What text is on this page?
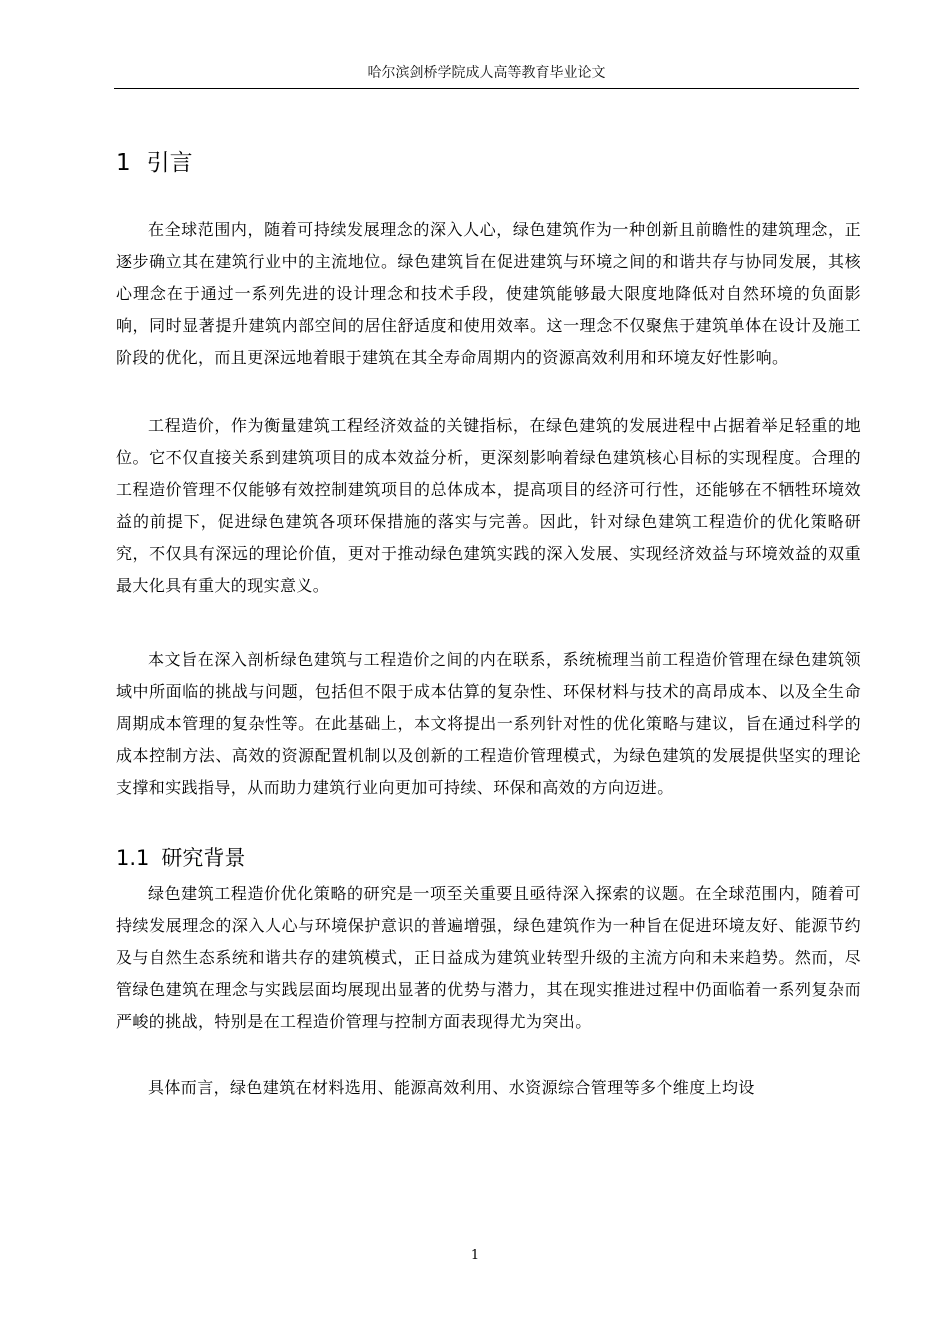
哈尔滨剑桥学院成人高等教育毕业论文
1 引言

在全球范围内，随着可持续发展理念的深入人心，绿色建筑作为一种创新且前瞻性的建筑理念，正逐步确立其在建筑行业中的主流地位。绿色建筑旨在促进建筑与环境之间的和谐共存与协同发展，其核心理念在于通过一系列先进的设计理念和技术手段，使建筑能够最大限度地降低对自然环境的负面影响，同时显著提升建筑内部空间的居住舒适度和使用效率。这一理念不仅聚焦于建筑单体在设计及施工阶段的优化，而且更深远地着眼于建筑在其全寿命周期内的资源高效利用和环境友好性影响。

工程造价，作为衡量建筑工程经济效益的关键指标，在绿色建筑的发展进程中占据着举足轻重的地位。它不仅直接关系到建筑项目的成本效益分析，更深刻影响着绿色建筑核心目标的实现程度。合理的工程造价管理不仅能够有效控制建筑项目的总体成本，提高项目的经济可行性，还能够在不牺牲环境效益的前提下，促进绿色建筑各项环保措施的落实与完善。因此，针对绿色建筑工程造价的优化策略研究，不仅具有深远的理论价值，更对于推动绿色建筑实践的深入发展、实现经济效益与环境效益的双重最大化具有重大的现实意义。

本文旨在深入剖析绿色建筑与工程造价之间的内在联系，系统梳理当前工程造价管理在绿色建筑领域中所面临的挑战与问题，包括但不限于成本估算的复杂性、环保材料与技术的高昂成本、以及全生命周期成本管理的复杂性等。在此基础上，本文将提出一系列针对性的优化策略与建议，旨在通过科学的成本控制方法、高效的资源配置机制以及创新的工程造价管理模式，为绿色建筑的发展提供坚实的理论支撑和实践指导，从而助力建筑行业向更加可持续、环保和高效的方向迈进。

1.1 研究背景

绿色建筑工程造价优化策略的研究是一项至关重要且亟待深入探索的议题。在全球范围内，随着可持续发展理念的深入人心与环境保护意识的普遍增强，绿色建筑作为一种旨在促进环境友好、能源节约及与自然生态系统和谐共存的建筑模式，正日益成为建筑业转型升级的主流方向和未来趋势。然而，尽管绿色建筑在理念与实践层面均展现出显著的优势与潜力，其在现实推进过程中仍面临着一系列复杂而严峻的挑战，特别是在工程造价管理与控制方面表现得尤为突出。

具体而言，绿色建筑在材料选用、能源高效利用、水资源综合管理等多个维度上均设

1
